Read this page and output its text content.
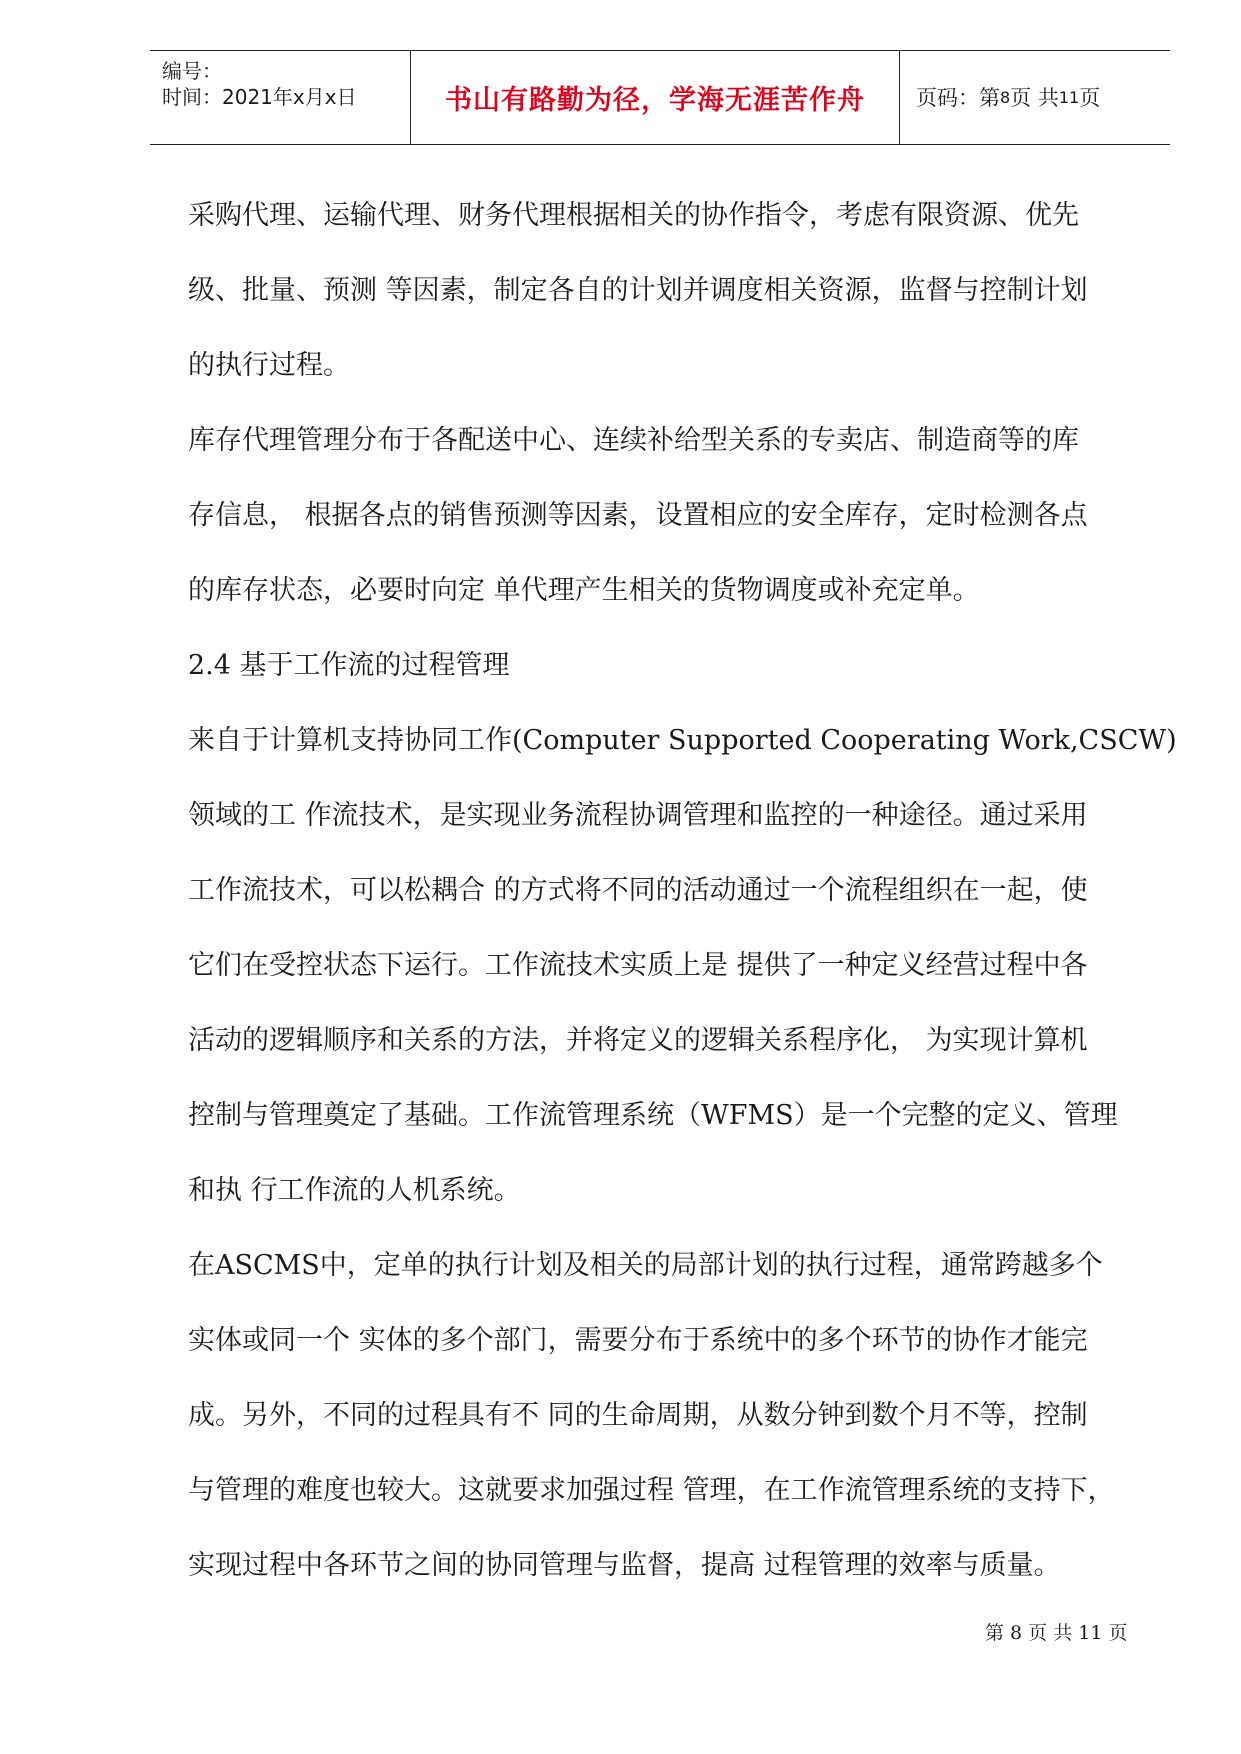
编号：
时间：2021年x月x日	书山有路勤为径，学海无涯苦作舟 页码：第 8 页 共 11 页
采购代理、运输代理、财务代理根据相关的协作指令，考虑有限资源、优先
级、批量、预测 等因素，制定各自的计划并调度相关资源，监督与控制计划
的执行过程。
库存代理管理分布于各配送中心、连续补给型关系的专卖店、制造商等的库
存信息， 根据各点的销售预测等因素，设置相应的安全库存，定时检测各点
的库存状态，必要时向定 单代理产生相关的货物调度或补充定单。
2.4 基于工作流的过程管理
来自于计算机支持协同工作(Computer Supported Cooperating Work,CSCW)
领域的工 作流技术，是实现业务流程协调管理和监控的一种途径。通过采用
工作流技术，可以松耦合 的方式将不同的活动通过一个流程组织在一起，使
它们在受控状态下运行。工作流技术实质上是 提供了一种定义经营过程中各
活动的逻辑顺序和关系的方法，并将定义的逻辑关系程序化， 为实现计算机
控制与管理奠定了基础。工作流管理系统（WFMS）是一个完整的定义、管理
和执 行工作流的人机系统。
在ASCMS中，定单的执行计划及相关的局部计划的执行过程，通常跨越多个
实体或同一个 实体的多个部门，需要分布于系统中的多个环节的协作才能完
成。另外，不同的过程具有不 同的生命周期，从数分钟到数个月不等，控制
与管理的难度也较大。这就要求加强过程 管理，在工作流管理系统的支持下，
实现过程中各环节之间的协同管理与监督，提高 过程管理的效率与质量。
第 8 页 共 11 页
